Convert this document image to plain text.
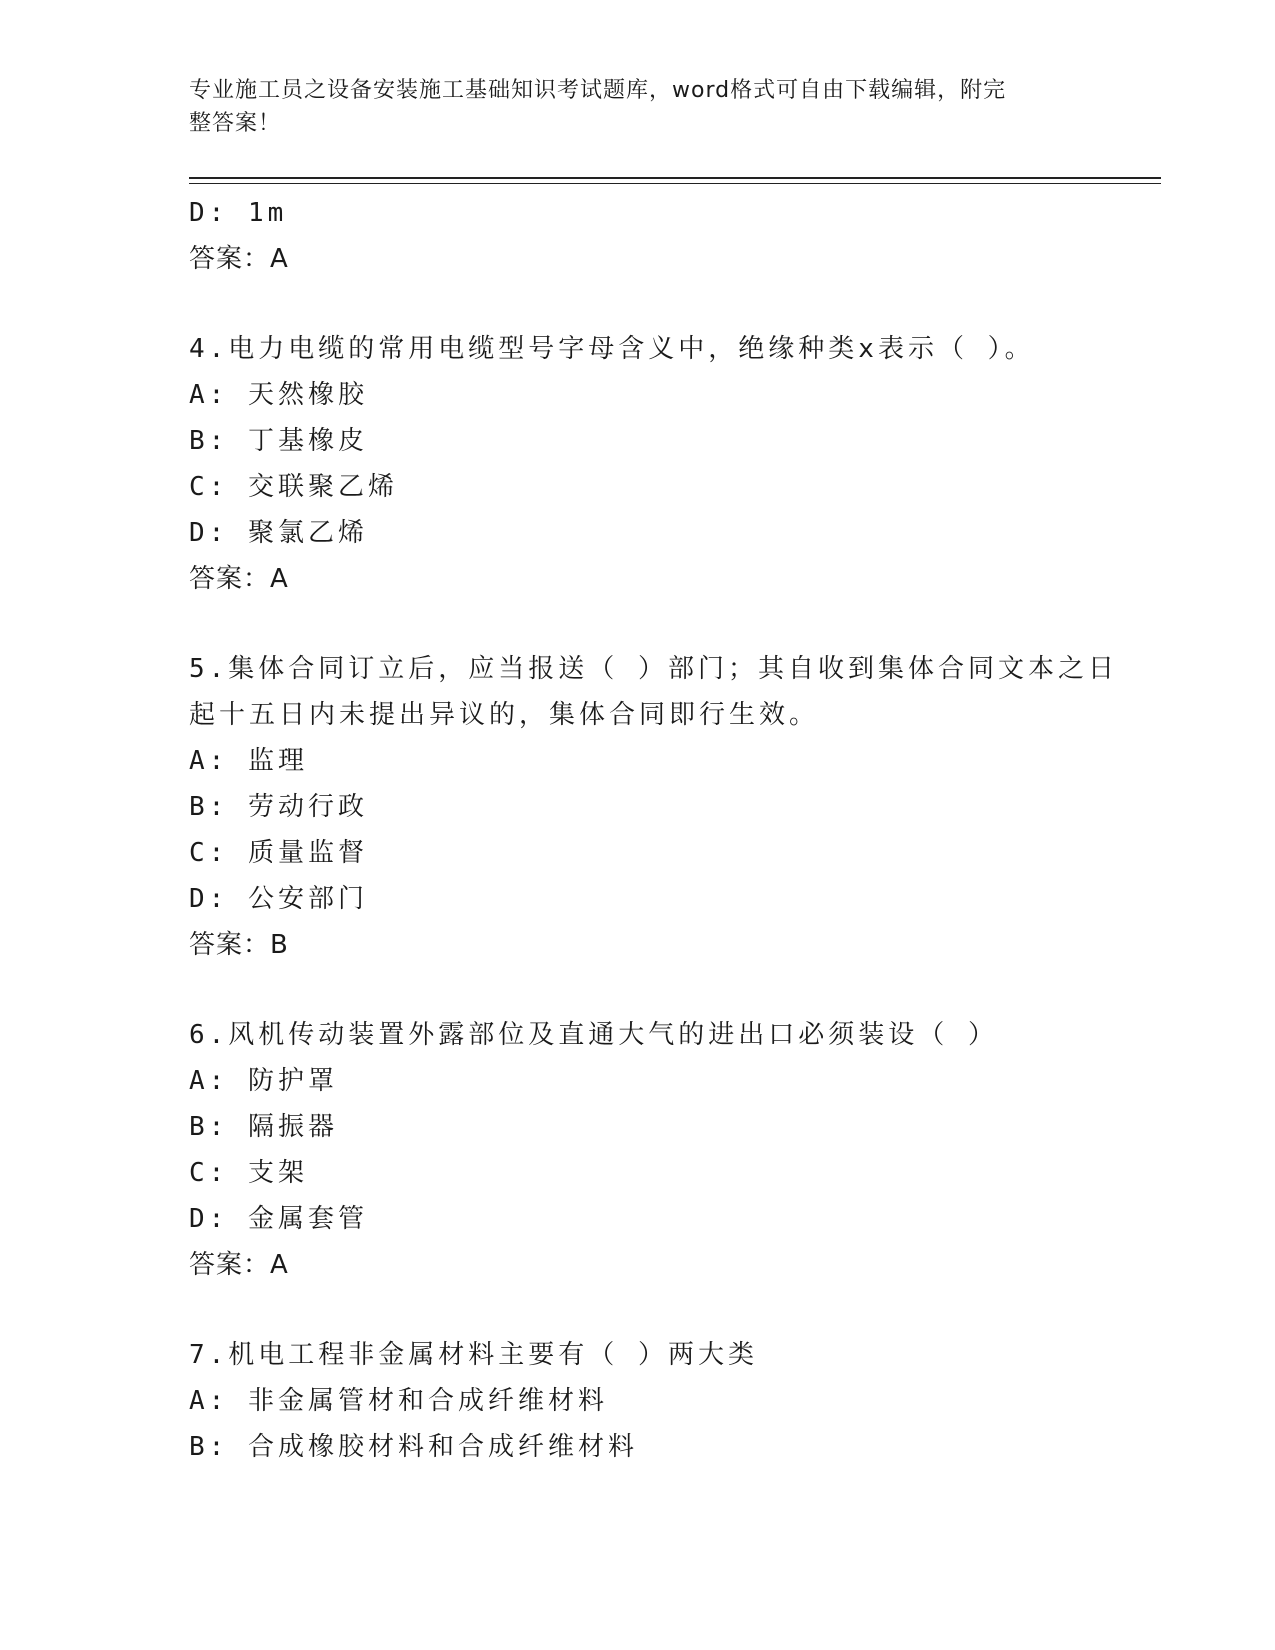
专业施工员之设备安装施工基础知识考试题库，word格式可自由下载编辑，附完
整答案！
D: 1m
答案：A
4.电力电缆的常用电缆型号字母含义中，绝缘种类x表示（ ）。
A: 天然橡胶
B: 丁基橡皮
C: 交联聚乙烯
D: 聚氯乙烯
答案：A
5.集体合同订立后，应当报送（ ）部门；其自收到集体合同文本之日
起十五日内未提出异议的，集体合同即行生效。
A: 监理
B: 劳动行政
C: 质量监督
D: 公安部门
答案：B
6.风机传动装置外露部位及直通大气的进出口必须装设（ ）
A: 防护罩
B: 隔振器
C: 支架
D: 金属套管
答案：A
7.机电工程非金属材料主要有（ ）两大类
A: 非金属管材和合成纤维材料
B: 合成橡胶材料和合成纤维材料
